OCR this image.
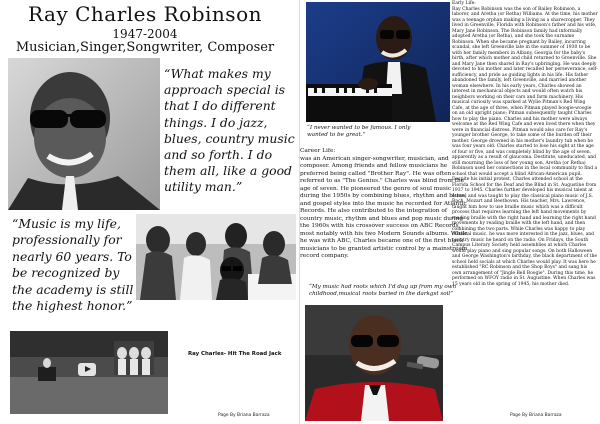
Ray Charles Robinson
1947-2004
Musician,Singer,Songwriter, Composer
“What makes my approach special is that I do different things. I do jazz, blues, country music and so forth. I do them all, like a good utility man.”
“Music is my life, professionally for nearly 60 years. To be recognized by the academy is still the highest honor.”
Ray Charles- Hit The Road Jack
Page By Briana Barraza
“I never wanted to be famous. I only wanted to be great.”
Career Life:
was an American singer-songwriter, musician, and composer. Among friends and fellow musicians he preferred being called "Brother Ray". He was often referred to as "The Genius." Charles was blind from the age of seven. He pioneered the genre of soul music during the 1950s by combining blues, rhythm and blues, and gospel styles into the music he recorded for Atlantic Records. He also contributed to the integration of country music, rhythm and blues and pop music during the 1960s with his crossover success on ABC Records, most notably with his two Modern Sounds albums. While he was with ABC, Charles became one of the first black musicians to be granted artistic control by a mainstream record company.
“My music had roots which I'd dug up from my own childhood,musical roots buried in the darkgst soil”
Early Life:
Ray Charles Robinson was the son of Bailey Robinson, a laborer, and Aretha (or Retha) Williams. At the time, his mother was a teenage orphan making a living as a sharecropper. They lived in Greenville, Florida with Robinson's father and his wife, Mary Jane Robinson. The Robinson family had informally adopted Aretha (or Retha), and she took the surname Robinson. When she became pregnant by Bailey, incurring scandal, she left Greenville late in the summer of 1930 to be with her family members in Albany, Georgia for the baby's birth, after which mother and child returned to Greenville. She and Mary Jane then shared in Ray's upbringing. He was deeply devoted to his mother and later recalled her perseverance, self-sufficiency, and pride as guiding lights in his life. His father abandoned the family, left Greenville, and married another woman elsewhere. In his early years, Charles showed an interest in mechanical objects and would often watch his neighbors working on their cars and farm machinery. His musical curiosity was sparked at Wylie Pitman's Red Wing Cafe, at the age of three, when Pitman played boogie-woogie on an old upright piano; Pitman subsequently taught Charles how to play the piano. Charles and his mother were always welcome at the Red Wing Cafe and even lived there when they were in financial distress. Pitman would also care for Ray's younger brother George, to take some of the burden off their mother. George drowned in his mother's laundry tub when he was four years old. Charles started to lose his sight at the age of four or five, and was completely blind by the age of seven, apparently as a result of glaucoma. Destitute, uneducated, and still mourning the loss of her young son, Aretha (or Retha) Robinson used her connections in the local community to find a school that would accept a blind African-American pupil. Despite his initial protest, Charles attended school at the Florida School for the Deaf and the Blind in St. Augustine from 1937 to 1945. Charles further developed his musical talent at school and was taught to play the classical piano music of J.S. Bach, Mozart and Beethoven. His teacher, Mrs. Lawrence, taught him how to use braille music which was a difficult process that requires learning the left hand movements by reading braille with the right hand and learning the right hand movements by reading braille with the left hand, and then combining the two parts. While Charles was happy to play classical music, he was more interested in the jazz, blues, and country music he heard on the radio. On Fridays, the South Campus Literary Society held assemblies at which Charles would play piano and sing popular songs. On both Halloween and George Washington's birthday, the black department of the school held socials at which Charles would play. It was here he established "RC Robinson and the Shop Boys" and sang his own arrangement of "Jingle Bell Boogie". During this time, he performed on WFOY radio in St. Augustine. When Charles was 15 years old in the spring of 1945, his mother died.
Page By Briana Barraza
